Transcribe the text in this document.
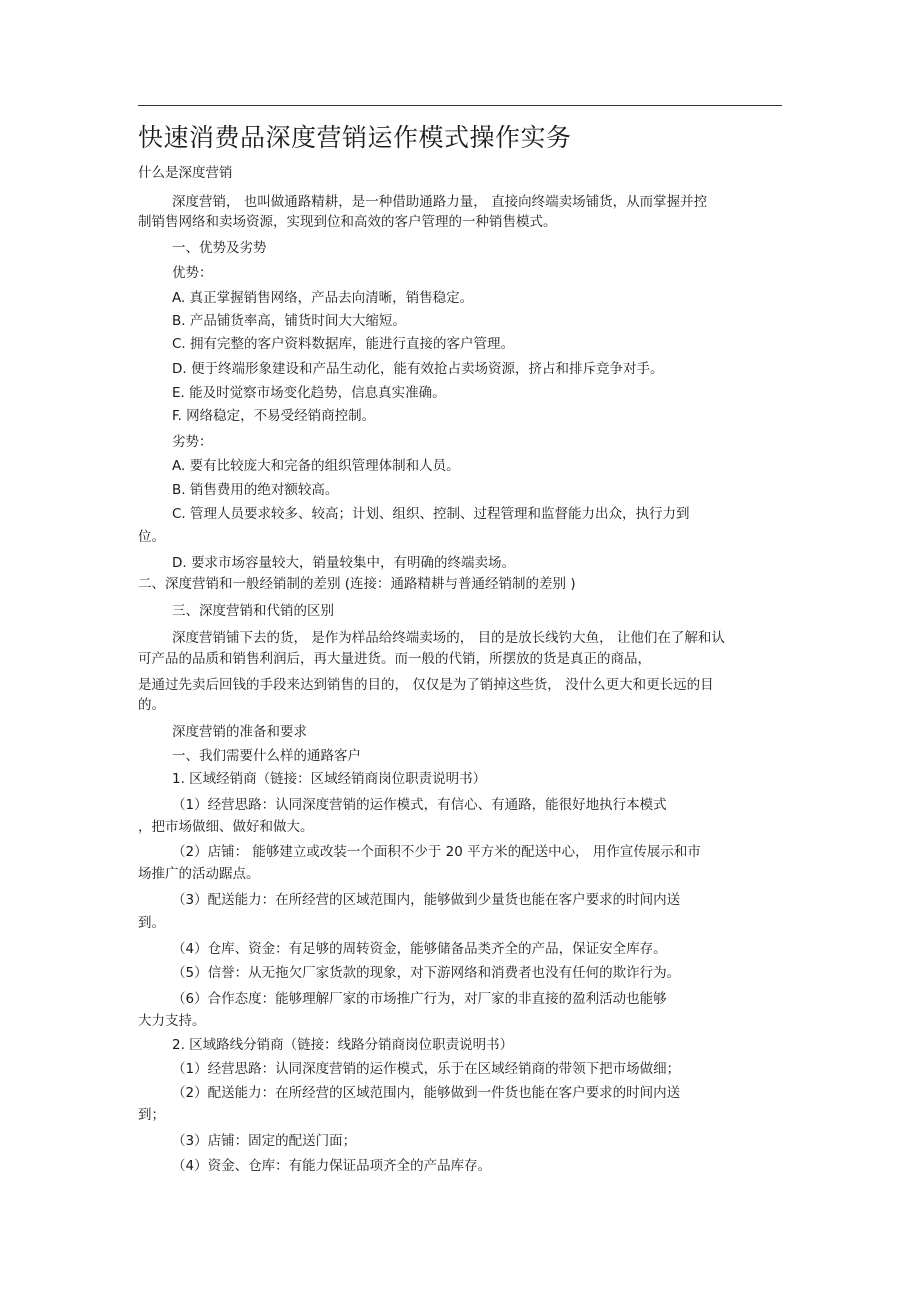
快速消费品深度营销运作模式操作实务

什么是深度营销

深度营销， 也叫做通路精耕，是一种借助通路力量， 直接向终端卖场铺货，从而掌握并控

制销售网络和卖场资源，实现到位和高效的客户管理的一种销售模式。

一、优势及劣势

优势：

A. 真正掌握销售网络，产品去向清晰，销售稳定。

B. 产品铺货率高，铺货时间大大缩短。

C. 拥有完整的客户资料数据库，能进行直接的客户管理。

D. 便于终端形象建设和产品生动化，能有效抢占卖场资源，挤占和排斥竞争对手。

E. 能及时觉察市场变化趋势，信息真实准确。

F. 网络稳定，不易受经销商控制。

劣势：

A. 要有比较庞大和完备的组织管理体制和人员。

B. 销售费用的绝对额较高。

C. 管理人员要求较多、较高；计划、组织、控制、过程管理和监督能力出众，执行力到

位。

D. 要求市场容量较大，销量较集中，有明确的终端卖场。

二、深度营销和一般经销制的差别 (连接：通路精耕与普通经销制的差别 )

三、深度营销和代销的区别

深度营销铺下去的货， 是作为样品给终端卖场的， 目的是放长线钓大鱼， 让他们在了解和认

可产品的品质和销售利润后，再大量进货。而一般的代销，所摆放的货是真正的商品，

是通过先卖后回钱的手段来达到销售的目的， 仅仅是为了销掉这些货， 没什么更大和更长远的目

的。

深度营销的准备和要求

一、我们需要什么样的通路客户

1. 区域经销商（链接：区域经销商岗位职责说明书）

（1）经营思路：认同深度营销的运作模式，有信心、有通路，能很好地执行本模式

，把市场做细、做好和做大。

（2）店铺： 能够建立或改装一个面积不少于 20 平方米的配送中心， 用作宣传展示和市

场推广的活动踞点。

（3）配送能力：在所经营的区域范围内，能够做到少量货也能在客户要求的时间内送

到。

（4）仓库、资金：有足够的周转资金，能够储备品类齐全的产品，保证安全库存。

（5）信誉：从无拖欠厂家货款的现象，对下游网络和消费者也没有任何的欺诈行为。

（6）合作态度：能够理解厂家的市场推广行为，对厂家的非直接的盈利活动也能够

大力支持。

2. 区域路线分销商（链接：线路分销商岗位职责说明书）

（1）经营思路：认同深度营销的运作模式，乐于在区域经销商的带领下把市场做细；

（2）配送能力：在所经营的区域范围内，能够做到一件货也能在客户要求的时间内送

到；

（3）店铺：固定的配送门面；

（4）资金、仓库：有能力保证品项齐全的产品库存。
